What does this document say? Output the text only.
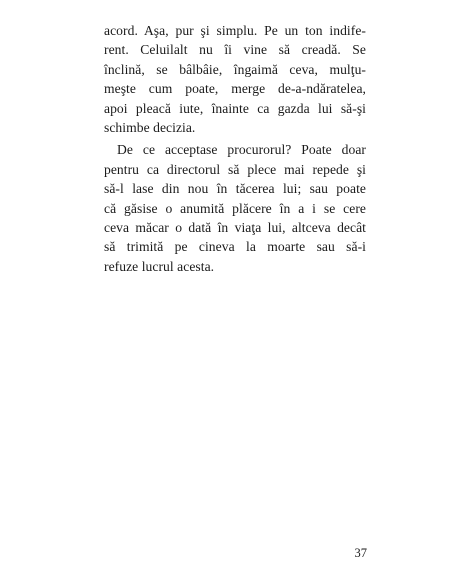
acord. Aşa, pur şi simplu. Pe un ton indife-
rent. Celuilalt nu îi vine să creadă. Se
înclină, se bâlbâie, îngaimă ceva, mulţu-
meşte cum poate, merge de-a-ndăratelea,
apoi pleacă iute, înainte ca gazda lui să-şi
schimbe decizia.
De ce acceptase procurorul? Poate doar
pentru ca directorul să plece mai repede şi
să-l lase din nou în tăcerea lui; sau poate
că găsise o anumită plăcere în a i se cere
ceva măcar o dată în viaţa lui, altceva decât
să trimită pe cineva la moarte sau să-i
refuze lucrul acesta.
37
